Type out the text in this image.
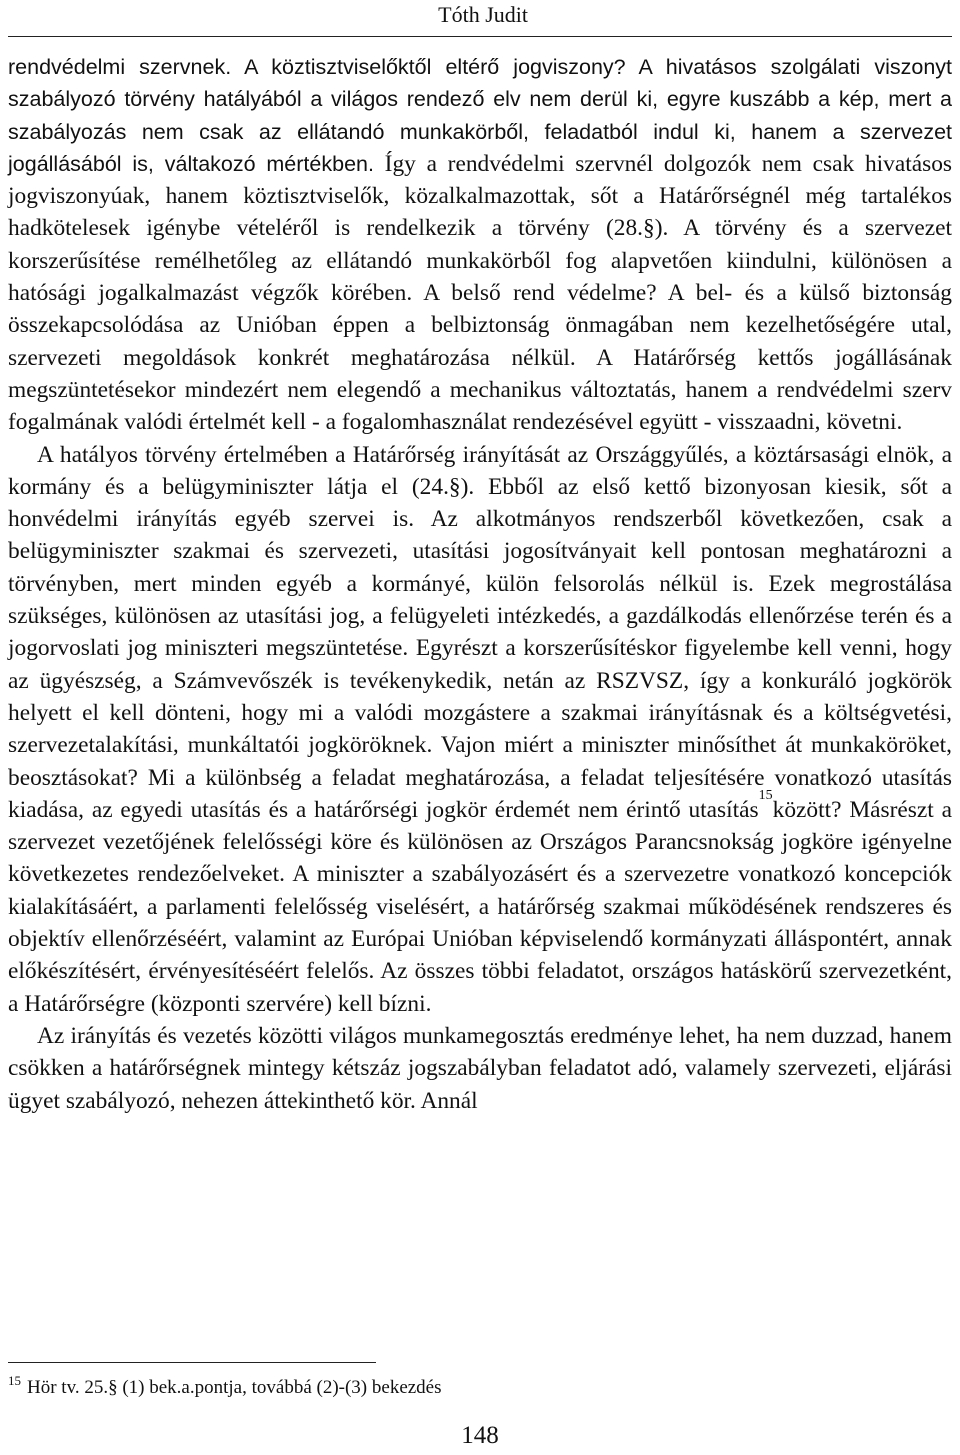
Tóth Judit

rendvédelmi szervnek. A köztisztviselőktől eltérő jogviszony? A hivatásos szolgálati viszonyt szabályozó törvény hatályából a világos rendező elv nem derül ki, egyre kuszább a kép, mert a szabályozás nem csak az ellátandó munkakörből, feladatból indul ki, hanem a szervezet jogállásából is, váltakozó mértékben. Így a rendvédelmi szervnél dolgozók nem csak hivatásos jogviszonyúak, hanem köztisztviselők, közalkalmazottak, sőt a Határőrségnél még tartalékos hadkötelesek igénybe vételéről is rendelkezik a törvény (28.§). A törvény és a szervezet korszerűsítése remélhetőleg az ellátandó munkakörből fog alapvetően kiindulni, különösen a hatósági jogalkalmazást végzők körében. A belső rend védelme? A bel- és a külső biztonság összekapcsolódása az Unióban éppen a belbiztonság önmagában nem kezelhetőségére utal, szervezeti megoldások konkrét meghatározása nélkül. A Határőrség kettős jogállásának megszüntetésekor mindezért nem elegendő a mechanikus változtatás, hanem a rendvédelmi szerv fogalmának valódi értelmét kell - a fogalomhasználat rendezésével együtt - visszaadni, követni.

A hatályos törvény értelmében a Határőrség irányítását az Országgyűlés, a köztársasági elnök, a kormány és a belügyminiszter látja el (24.§). Ebből az első kettő bizonyosan kiesik, sőt a honvédelmi irányítás egyéb szervei is. Az alkotmányos rendszerből következően, csak a belügyminiszter szakmai és szervezeti, utasítási jogosítványait kell pontosan meghatározni a törvényben, mert minden egyéb a kormányé, külön felsorolás nélkül is. Ezek megrostálása szükséges, különösen az utasítási jog, a felügyeleti intézkedés, a gazdálkodás ellenőrzése terén és a jogorvoslati jog miniszteri megszüntetése. Egyrészt a korszerűsítéskor figyelembe kell venni, hogy az ügyészség, a Számvevőszék is tevékenykedik, netán az RSZVSZ, így a konkuráló jogkörök helyett el kell dönteni, hogy mi a valódi mozgástere a szakmai irányításnak és a költségvetési, szervezetalakítási, munkáltatói jogköröknek. Vajon miért a miniszter minősíthet át munkaköröket, beosztásokat? Mi a különbség a feladat meghatározása, a feladat teljesítésére vonatkozó utasítás kiadása, az egyedi utasítás és a határőrségi jogkör érdemét nem érintő utasítás$^{15}$között? Másrészt a szervezet vezetőjének felelősségi köre és különösen az Országos Parancsnokság jogköre igényelne következetes rendezőelveket. A miniszter a szabályozásért és a szervezetre vonatkozó koncepciók kialakításáért, a parlamenti felelősség viselésért, a határőrség szakmai működésének rendszeres és objektív ellenőrzéséért, valamint az Európai Unióban képviselendő kormányzati álláspontért, annak előkészítésért, érvényesítéséért felelős. Az összes többi feladatot, országos hatáskörű szervezetként, a Határőrségre (központi szervére) kell bízni.

Az irányítás és vezetés közötti világos munkamegosztás eredménye lehet, ha nem duzzad, hanem csökken a határőrségnek mintegy kétszáz jogszabályban feladatot adó, valamely szervezeti, eljárási ügyet szabályozó, nehezen áttekinthető kör. Annál

$^{15}$ Hör tv. 25.§ (1) bek.a.pontja, továbbá (2)-(3) bekezdés
148
